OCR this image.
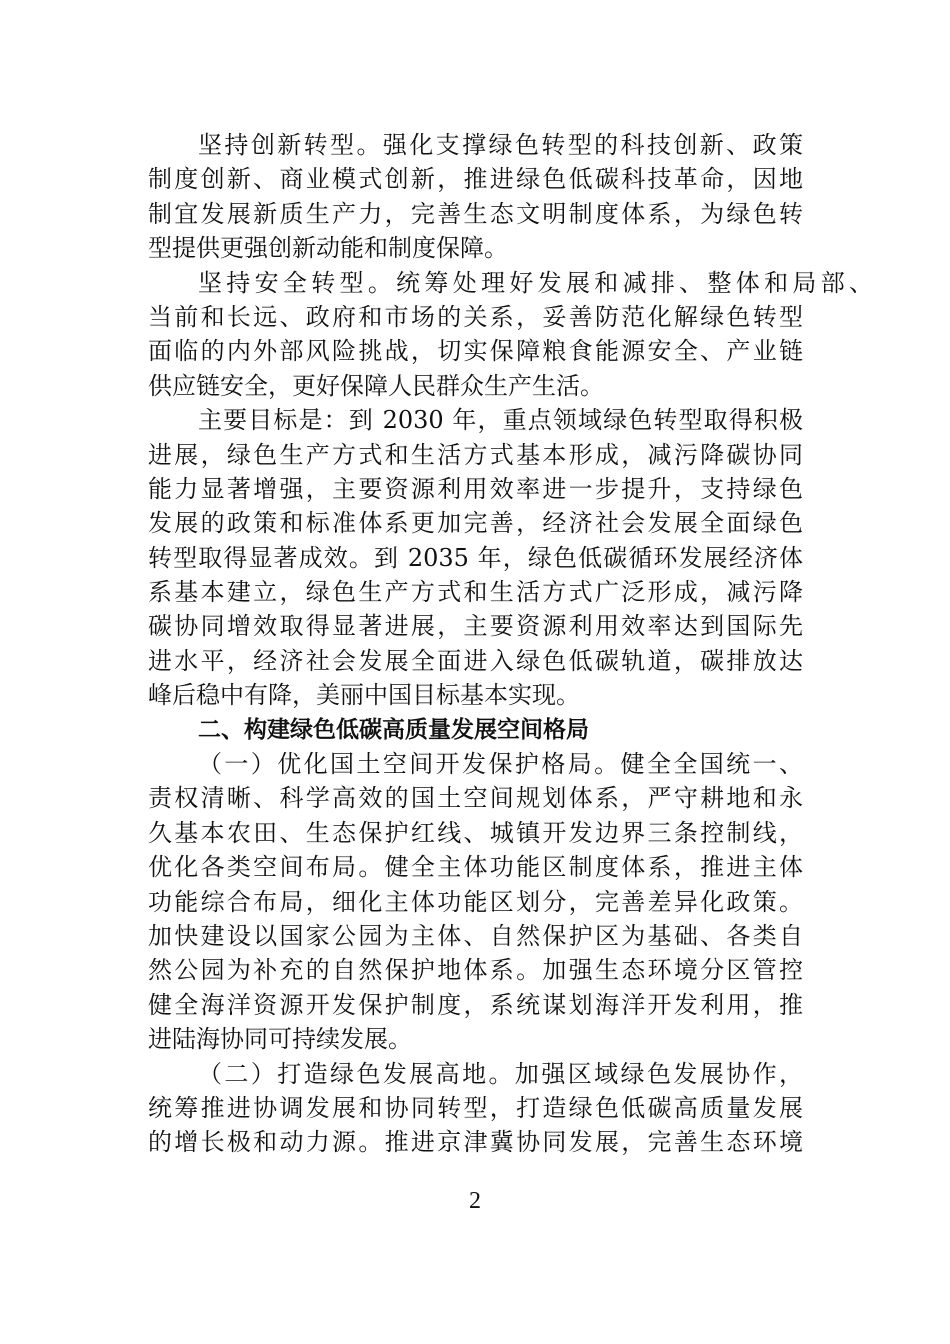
坚持创新转型。强化支撑绿色转型的科技创新、政策
制度创新、商业模式创新，推进绿色低碳科技革命，因地
制宜发展新质生产力，完善生态文明制度体系，为绿色转
型提供更强创新动能和制度保障。
坚持安全转型。统筹处理好发展和减排、整体和局部、
当前和长远、政府和市场的关系，妥善防范化解绿色转型
面临的内外部风险挑战，切实保障粮食能源安全、产业链
供应链安全，更好保障人民群众生产生活。
主要目标是：到 2030 年，重点领域绿色转型取得积极
进展，绿色生产方式和生活方式基本形成，减污降碳协同
能力显著增强，主要资源利用效率进一步提升，支持绿色
发展的政策和标准体系更加完善，经济社会发展全面绿色
转型取得显著成效。到 2035 年，绿色低碳循环发展经济体
系基本建立，绿色生产方式和生活方式广泛形成，减污降
碳协同增效取得显著进展，主要资源利用效率达到国际先
进水平，经济社会发展全面进入绿色低碳轨道，碳排放达
峰后稳中有降，美丽中国目标基本实现。
二、构建绿色低碳高质量发展空间格局
（一）优化国土空间开发保护格局。健全全国统一、
责权清晰、科学高效的国土空间规划体系，严守耕地和永
久基本农田、生态保护红线、城镇开发边界三条控制线，
优化各类空间布局。健全主体功能区制度体系，推进主体
功能综合布局，细化主体功能区划分，完善差异化政策。
加快建设以国家公园为主体、自然保护区为基础、各类自
然公园为补充的自然保护地体系。加强生态环境分区管控
健全海洋资源开发保护制度，系统谋划海洋开发利用，推
进陆海协同可持续发展。
（二）打造绿色发展高地。加强区域绿色发展协作，
统筹推进协调发展和协同转型，打造绿色低碳高质量发展
的增长极和动力源。推进京津冀协同发展，完善生态环境
2
